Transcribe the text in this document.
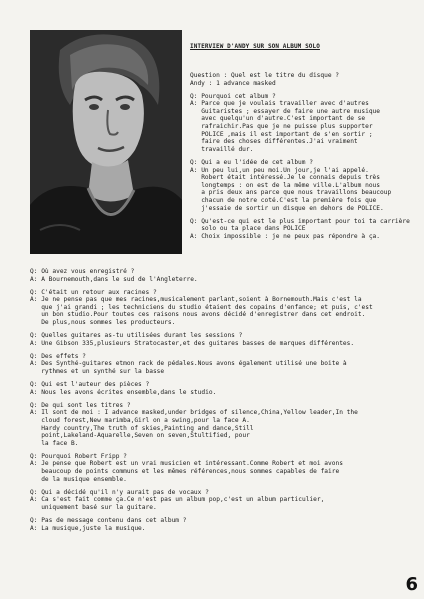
INTERVIEW D'ANDY SUR SON ALBUM SOLO
Question : Quel est le titre du disque ?
Andy : 1 advance masked
Q: Pourquoi cet album ?
A: Parce que je voulais travailler avec d'autres
Guitaristes ; essayer de faire une autre musique
avec quelqu'un d'autre.C'est important de se
rafraichir.Pas que je ne puisse plus supporter
POLICE ,mais il est important de s'en sortir ;
faire des choses différentes.J'ai vraiment
travaillé dur.
Q: Qui a eu l'idée de cet album ?
A: Un peu lui,un peu moi.Un jour,je l'ai appelé.
Robert était intéressé.Je le connais depuis très
longtemps : on est de la même ville.L'album nous
a pris deux ans parce que nous travaillons beaucoup
chacun de notre coté.C'est la première fois que
j'essaie de sortir un disque en dehors de POLICE.
Q: Qu'est-ce qui est le plus important pour toi ta carrière
solo ou ta place dans POLICE
A: Choix impossible : je ne peux pas répondre à ça.
Q: Où avez vous enregistré ?
A: A Bournemouth,dans le sud de l'Angleterre.
Q: C'était un retour aux racines ?
A: Je ne pense pas que mes racines,musicalement parlant,soient à Bornemouth.Mais c'est la
que j'ai grandi ; les techniciens du studio étaient des copains d'enfance; et puis, c'est
un bon studio.Pour toutes ces raisons nous avons décidé d'enregistrer dans cet endroit.
De plus,nous sommes les producteurs.
Q: Quelles guitares as-tu utilisées durant les sessions ?
A: Une Gibson 335,plusieurs Stratocaster,et des guitares basses de marques différentes.
Q: Des effets ?
A: Des Synthé-guitares etmon rack de pédales.Nous avons également utilisé une boite à
rythmes et un synthé sur la basse
Q: Qui est l'auteur des pièces ?
A: Nous les avons écrites ensemble,dans le studio.
Q: De qui sont les titres ?
A: Il sont de moi : I advance masked,under bridges of silence,China,Yellow leader,In the
cloud forest,New marimba,Girl on a swing,pour la face A.
Hardy country,The truth of skies,Painting and dance,Still
point,Lakeland-Aquarelle,Seven on seven,Stultified, pour
la face B.
Q: Pourquoi Robert Fripp ?
A: Je pense que Robert est un vrai musicien et intéressant.Comme Robert et moi avons
beaucoup de points communs et les mêmes références,nous sommes capables de faire
de la musique ensemble.
Q: Qui a décidé qu'il n'y aurait pas de vocaux ?
A: Ca s'est fait comme ça.Ce n'est pas un album pop,c'est un album particulier,
uniquement basé sur la guitare.
Q: Pas de message contenu dans cet album ?
A: La musique,juste la musique.
6
